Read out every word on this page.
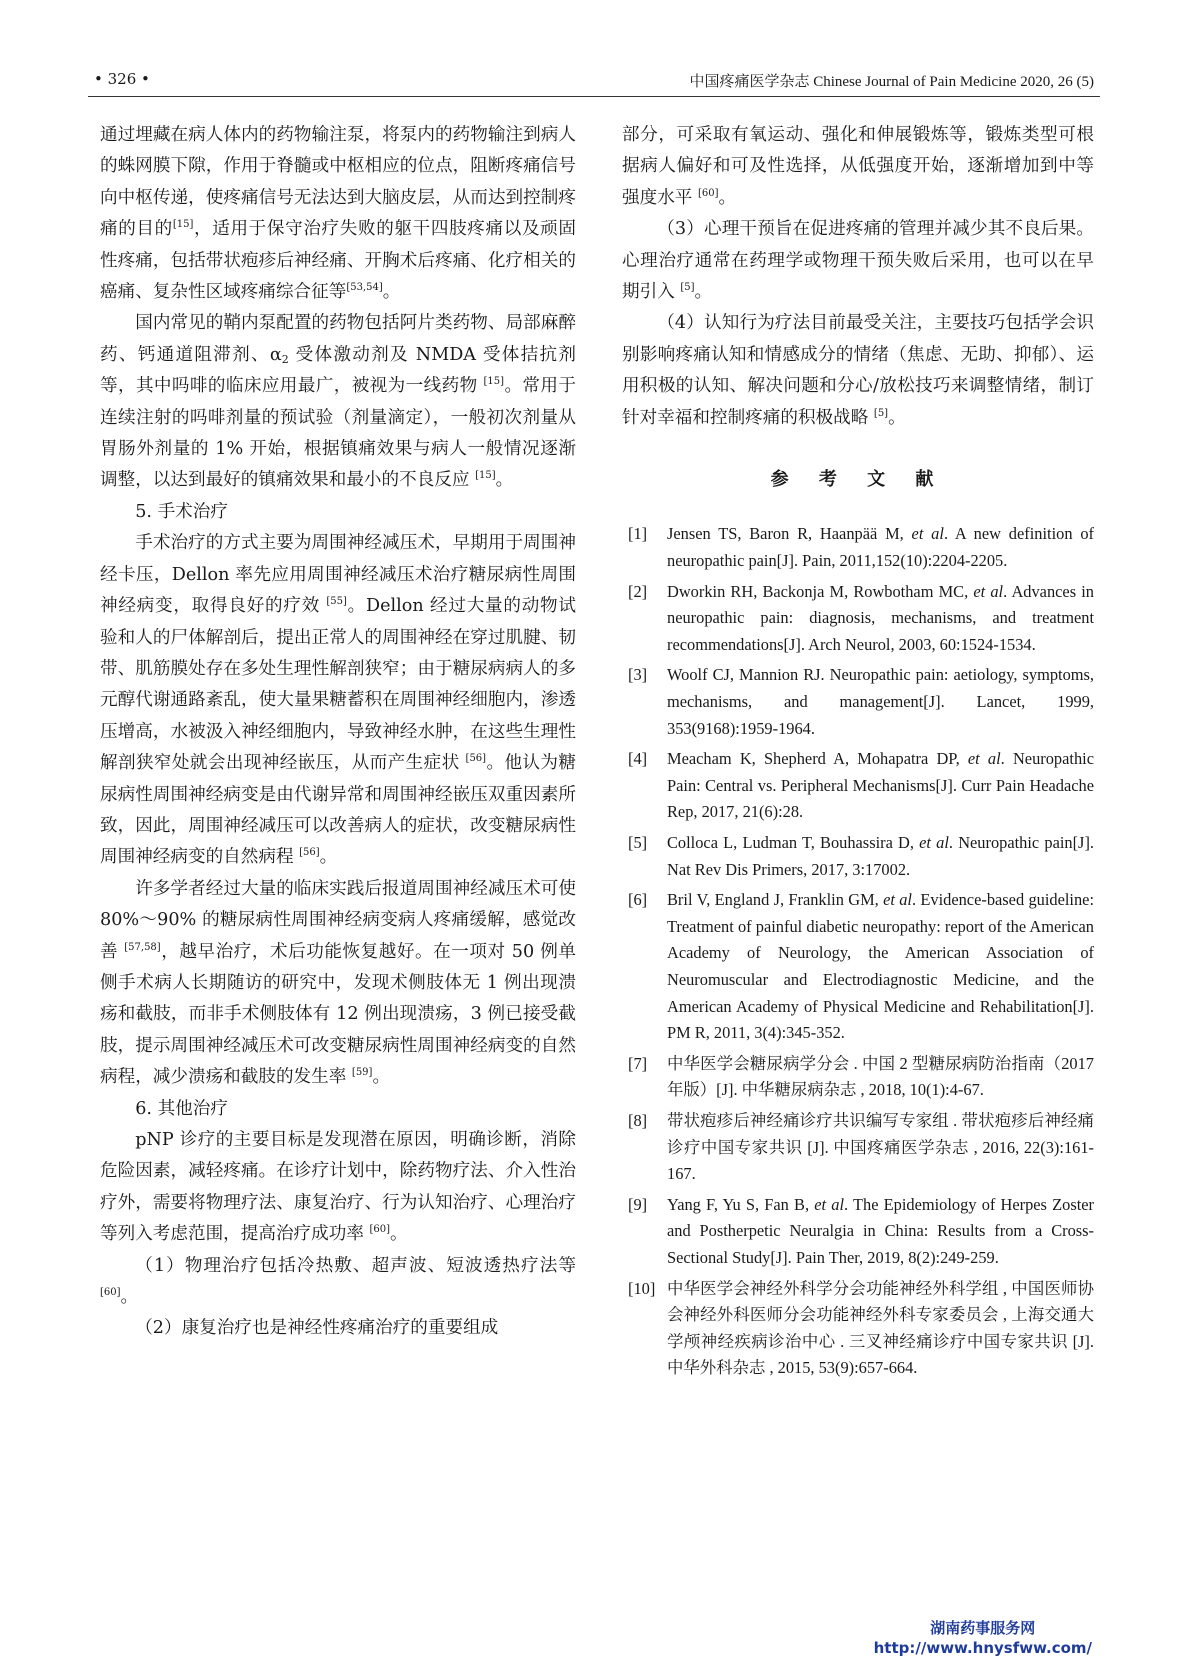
• 326 •	中国疼痛医学杂志 Chinese Journal of Pain Medicine 2020, 26 (5)

通过埋藏在病人体内的药物输注泵，将泵内的药物输注到病人的蛛网膜下隙，作用于脊髓或中枢相应的位点，阻断疼痛信号向中枢传递，使疼痛信号无法达到大脑皮层，从而达到控制疼痛的目的[15]，适用于保守治疗失败的躯干四肢疼痛以及顽固性疼痛，包括带状疱疹后神经痛、开胸术后疼痛、化疗相关的癌痛、复杂性区域疼痛综合征等[53,54]。

国内常见的鞘内泵配置的药物包括阿片类药物、局部麻醉药、钙通道阻滞剂、$\alpha_2$ 受体激动剂及 NMDA 受体拮抗剂等，其中吗啡的临床应用最广，被视为一线药物 [15]。常用于连续注射的吗啡剂量的预试验（剂量滴定），一般初次剂量从胃肠外剂量的 1% 开始，根据镇痛效果与病人一般情况逐渐调整，以达到最好的镇痛效果和最小的不良反应 [15]。

5. 手术治疗

手术治疗的方式主要为周围神经减压术，早期用于周围神经卡压，Dellon 率先应用周围神经减压术治疗糖尿病性周围神经病变，取得良好的疗效 [55]。Dellon 经过大量的动物试验和人的尸体解剖后，提出正常人的周围神经在穿过肌腱、韧带、肌筋膜处存在多处生理性解剖狭窄；由于糖尿病病人的多元醇代谢通路紊乱，使大量果糖蓄积在周围神经细胞内，渗透压增高，水被汲入神经细胞内，导致神经水肿，在这些生理性解剖狭窄处就会出现神经嵌压，从而产生症状 [56]。他认为糖尿病性周围神经病变是由代谢异常和周围神经嵌压双重因素所致，因此，周围神经减压可以改善病人的症状，改变糖尿病性周围神经病变的自然病程 [56]。

许多学者经过大量的临床实践后报道周围神经减压术可使 80%～90% 的糖尿病性周围神经病变病人疼痛缓解，感觉改善 [57,58]，越早治疗，术后功能恢复越好。在一项对 50 例单侧手术病人长期随访的研究中，发现术侧肢体无 1 例出现溃疡和截肢，而非手术侧肢体有 12 例出现溃疡，3 例已接受截肢，提示周围神经减压术可改变糖尿病性周围神经病变的自然病程，减少溃疡和截肢的发生率 [59]。

6. 其他治疗

pNP 诊疗的主要目标是发现潜在原因，明确诊断，消除危险因素，减轻疼痛。在诊疗计划中，除药物疗法、介入性治疗外，需要将物理疗法、康复治疗、行为认知治疗、心理治疗等列入考虑范围，提高治疗成功率 [60]。

（1）物理治疗包括冷热敷、超声波、短波透热疗法等 [60]。

（2）康复治疗也是神经性疼痛治疗的重要组成

部分，可采取有氧运动、强化和伸展锻炼等，锻炼类型可根据病人偏好和可及性选择，从低强度开始，逐渐增加到中等强度水平 [60]。

（3）心理干预旨在促进疼痛的管理并减少其不良后果。心理治疗通常在药理学或物理干预失败后采用，也可以在早期引入 [5]。

（4）认知行为疗法目前最受关注，主要技巧包括学会识别影响疼痛认知和情感成分的情绪（焦虑、无助、抑郁）、运用积极的认知、解决问题和分心/放松技巧来调整情绪，制订针对幸福和控制疼痛的积极战略 [5]。

参 考 文 献
[1] Jensen TS, Baron R, Haanpää M, et al. A new definition of neuropathic pain[J]. Pain, 2011,152(10):2204-2205.
[2] Dworkin RH, Backonja M, Rowbotham MC, et al. Advances in neuropathic pain: diagnosis, mechanisms, and treatment recommendations[J]. Arch Neurol, 2003, 60:1524-1534.
[3] Woolf CJ, Mannion RJ. Neuropathic pain: aetiology, symptoms, mechanisms, and management[J]. Lancet, 1999, 353(9168):1959-1964.
[4] Meacham K, Shepherd A, Mohapatra DP, et al. Neuropathic Pain: Central vs. Peripheral Mechanisms[J]. Curr Pain Headache Rep, 2017, 21(6):28.
[5] Colloca L, Ludman T, Bouhassira D, et al. Neuropathic pain[J]. Nat Rev Dis Primers, 2017, 3:17002.
[6] Bril V, England J, Franklin GM, et al. Evidence-based guideline: Treatment of painful diabetic neuropathy: report of the American Academy of Neurology, the American Association of Neuromuscular and Electrodiagnostic Medicine, and the American Academy of Physical Medicine and Rehabilitation[J]. PM R, 2011, 3(4):345-352.
[7] 中华医学会糖尿病学分会 . 中国 2 型糖尿病防治指南（2017 年版）[J]. 中华糖尿病杂志 , 2018, 10(1):4-67.
[8] 带状疱疹后神经痛诊疗共识编写专家组 . 带状疱疹后神经痛诊疗中国专家共识 [J]. 中国疼痛医学杂志 , 2016, 22(3):161-167.
[9] Yang F, Yu S, Fan B, et al. The Epidemiology of Herpes Zoster and Postherpetic Neuralgia in China: Results from a Cross-Sectional Study[J]. Pain Ther, 2019, 8(2):249-259.
[10] 中华医学会神经外科学分会功能神经外科学组 , 中国医师协会神经外科医师分会功能神经外科专家委员会 , 上海交通大学颅神经疾病诊治中心 . 三叉神经痛诊疗中国专家共识 [J]. 中华外科杂志 , 2015, 53(9):657-664.
湖南药事服务网
http://www.hnysfww.com/
